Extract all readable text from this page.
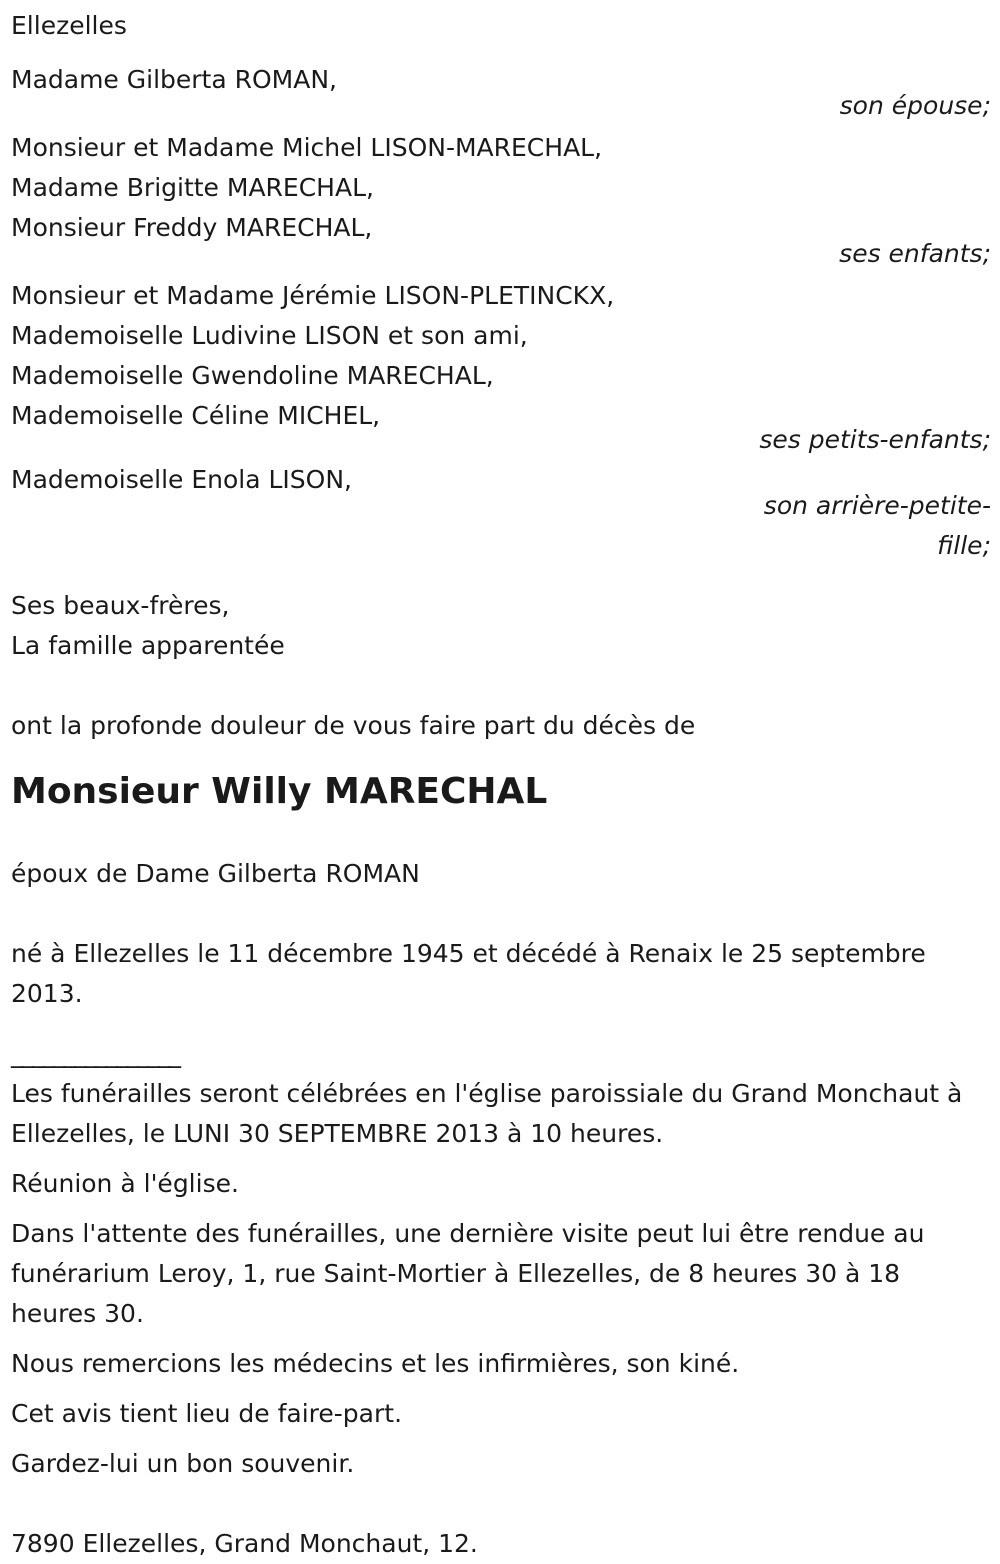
Ellezelles
Madame Gilberta ROMAN,
son épouse;
Monsieur et Madame Michel LISON-MARECHAL,
Madame Brigitte MARECHAL,
Monsieur Freddy MARECHAL,
ses enfants;
Monsieur et Madame Jérémie LISON-PLETINCKX,
Mademoiselle Ludivine LISON et son ami,
Mademoiselle Gwendoline MARECHAL,
Mademoiselle Céline MICHEL,
ses petits-enfants;
Mademoiselle Enola LISON,
son arrière-petite-fille;
Ses beaux-frères,
La famille apparentée
ont la profonde douleur de vous faire part du décès de
Monsieur Willy MARECHAL
époux de Dame Gilberta ROMAN
né à Ellezelles le 11 décembre 1945 et décédé à Renaix le 25 septembre 2013.
________________
Les funérailles seront célébrées en l'église paroissiale du Grand Monchaut à Ellezelles, le LUNI 30 SEPTEMBRE 2013 à 10 heures.
Réunion à l'église.
Dans l'attente des funérailles, une dernière visite peut lui être rendue au funérarium Leroy, 1, rue Saint-Mortier à Ellezelles, de 8 heures 30 à 18 heures 30.
Nous remercions les médecins et les infirmières, son kiné.
Cet avis tient lieu de faire-part.
Gardez-lui un bon souvenir.
7890 Ellezelles, Grand Monchaut, 12.
